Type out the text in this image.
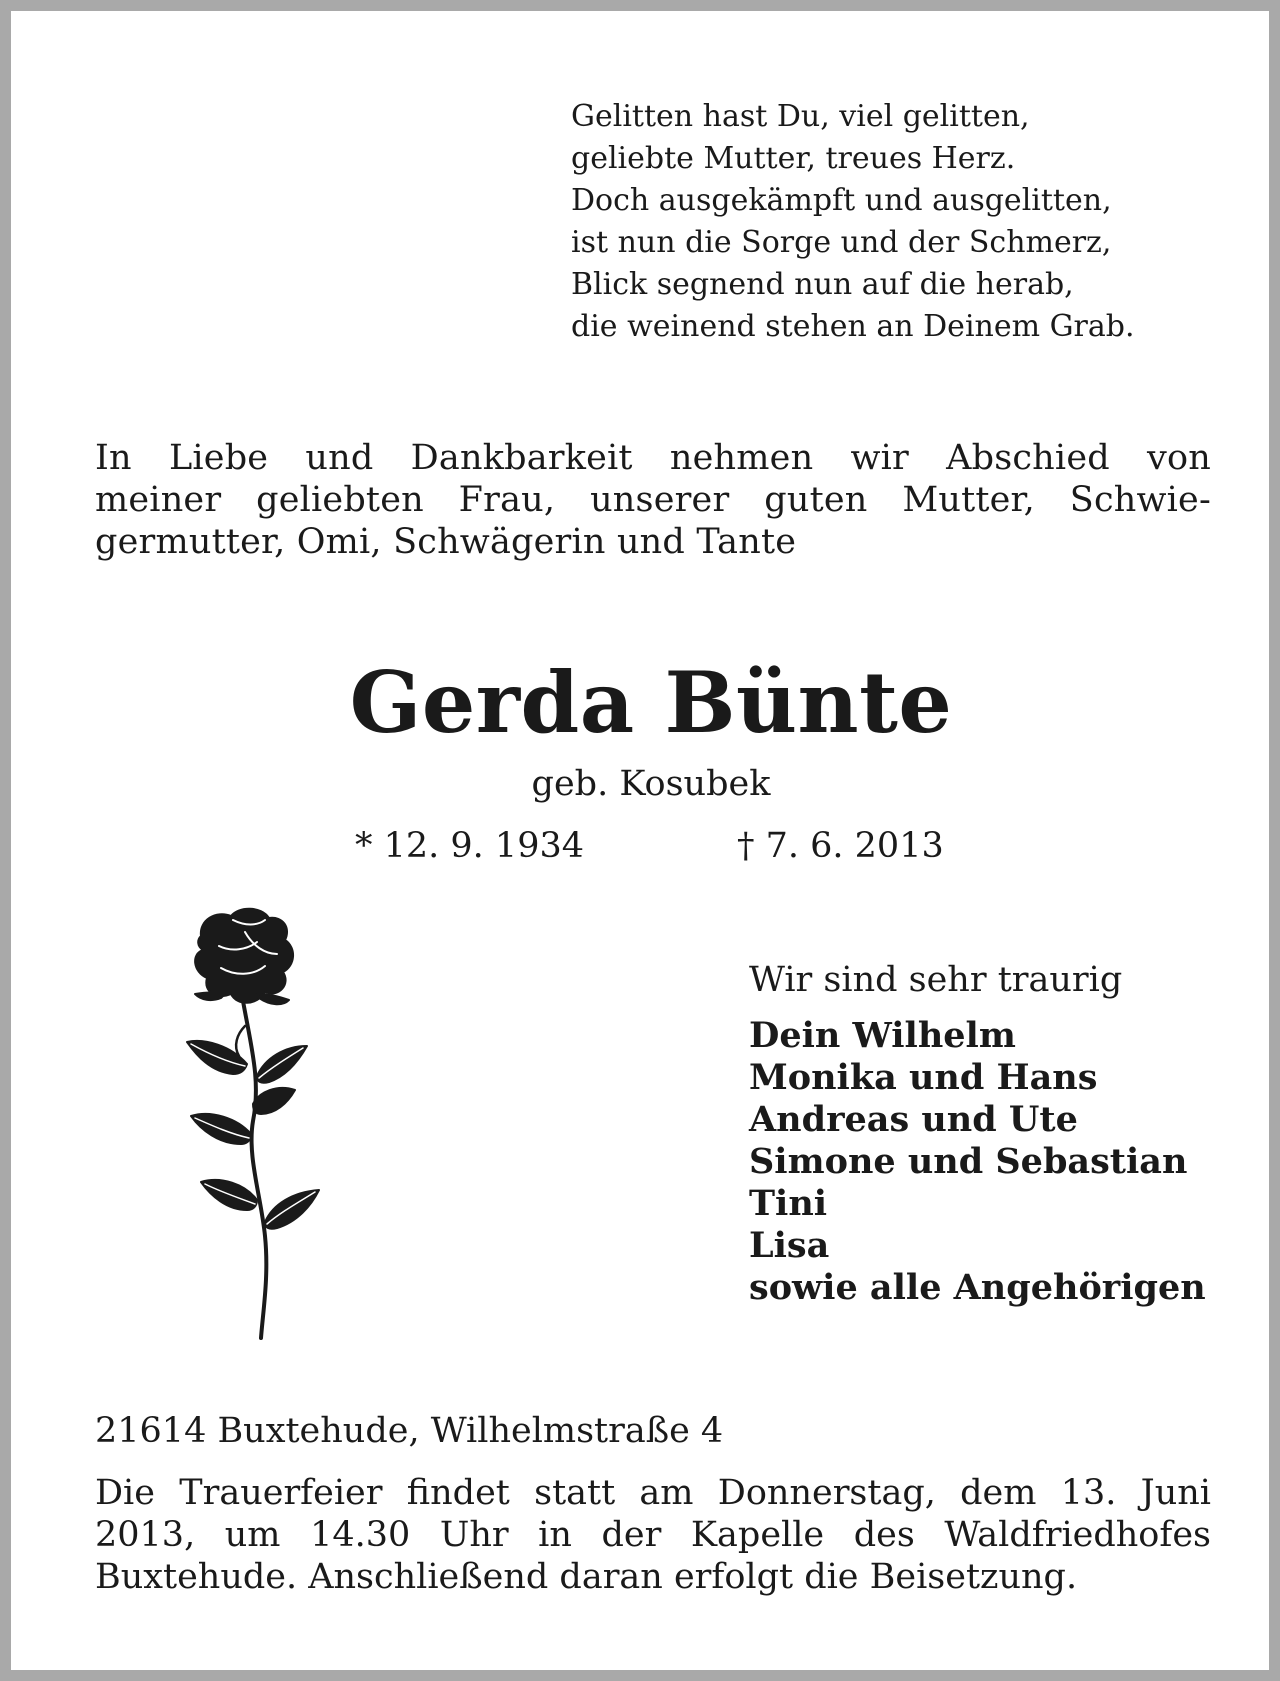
Gelitten hast Du, viel gelitten,
geliebte Mutter, treues Herz.
Doch ausgekämpft und ausgelitten,
ist nun die Sorge und der Schmerz,
Blick segnend nun auf die herab,
die weinend stehen an Deinem Grab.
In Liebe und Dankbarkeit nehmen wir Abschied von
meiner geliebten Frau, unserer guten Mutter, Schwie-
germutter, Omi, Schwägerin und Tante
Gerda Bünte
geb. Kosubek
* 12. 9. 1934	† 7. 6. 2013
Wir sind sehr traurig
Dein Wilhelm
Monika und Hans
Andreas und Ute
Simone und Sebastian
Tini
Lisa
sowie alle Angehörigen
21614 Buxtehude, Wilhelmstraße 4
Die Trauerfeier findet statt am Donnerstag, dem 13. Juni
2013, um 14.30 Uhr in der Kapelle des Waldfriedhofes
Buxtehude. Anschließend daran erfolgt die Beisetzung.
